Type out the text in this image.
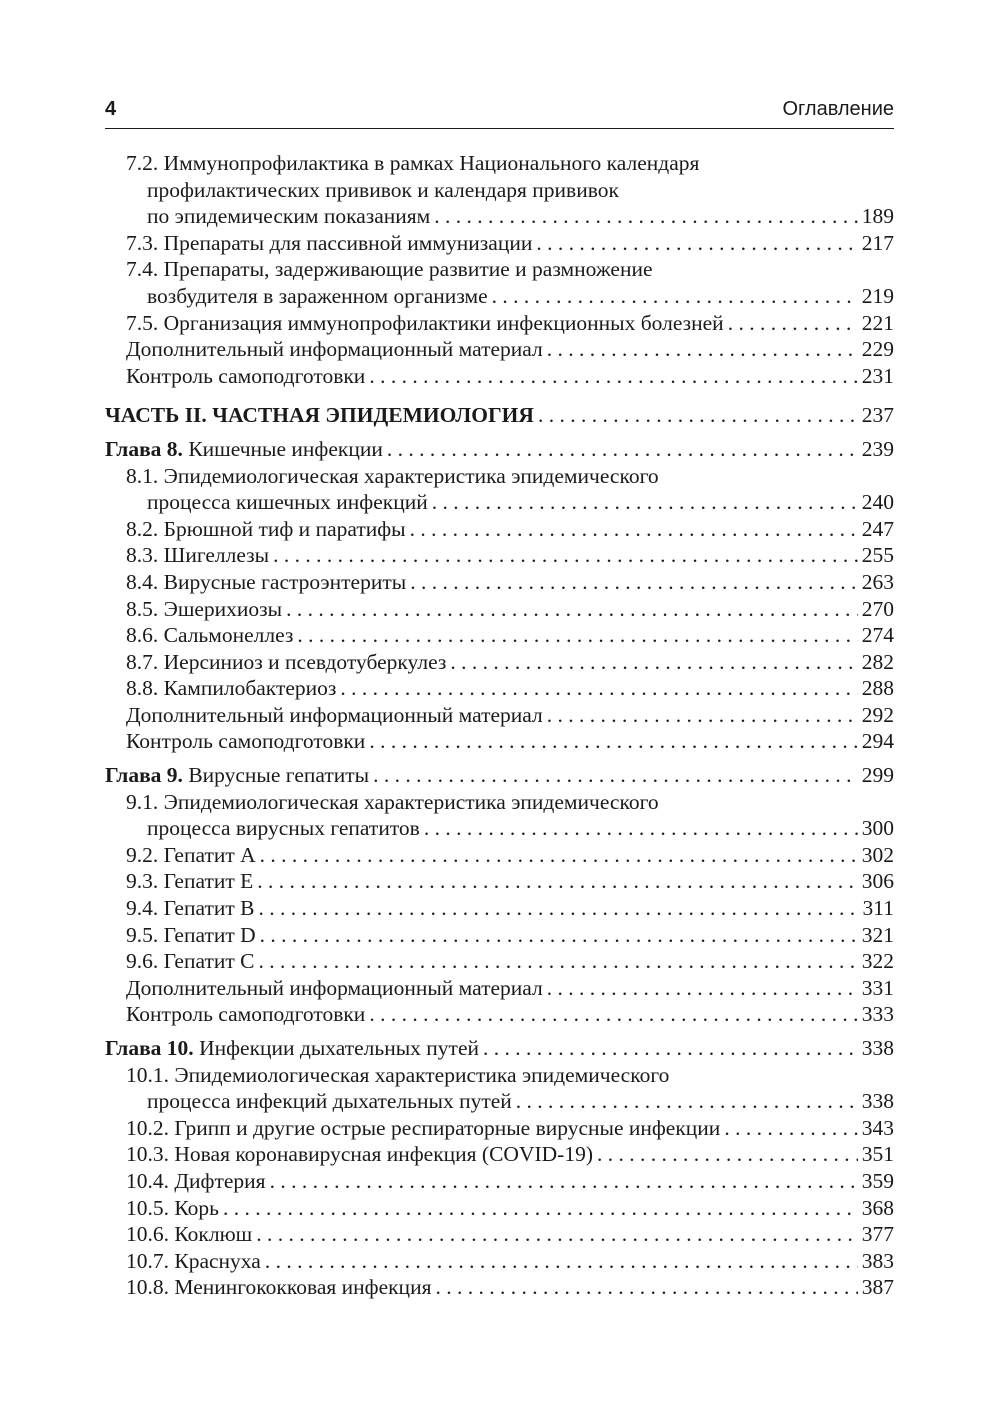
4	Оглавление
7.2. Иммунопрофилактика в рамках Национального календаря
профилактических прививок и календаря прививок
по эпидемическим показаниям . . .	189
7.3. Препараты для пассивной иммунизации . . .	217
7.4. Препараты, задерживающие развитие и размножение
возбудителя в зараженном организме . . .	219
7.5. Организация иммунопрофилактики инфекционных болезней . . .	221
Дополнительный информационный материал . . .	229
Контроль самоподготовки . . .	231
ЧАСТЬ II. ЧАСТНАЯ ЭПИДЕМИОЛОГИЯ . . .	237
Глава 8. Кишечные инфекции . . .	239
8.1. Эпидемиологическая характеристика эпидемического
процесса кишечных инфекций . . .	240
8.2. Брюшной тиф и паратифы . . .	247
8.3. Шигеллезы . . .	255
8.4. Вирусные гастроэнтериты . . .	263
8.5. Эшерихиозы . . .	270
8.6. Сальмонеллез . . .	274
8.7. Иерсиниоз и псевдотуберкулез . . .	282
8.8. Кампилобактериоз . . .	288
Дополнительный информационный материал . . .	292
Контроль самоподготовки . . .	294
Глава 9. Вирусные гепатиты . . .	299
9.1. Эпидемиологическая характеристика эпидемического
процесса вирусных гепатитов . . .	300
9.2. Гепатит A . . .	302
9.3. Гепатит E . . .	306
9.4. Гепатит B . . .	311
9.5. Гепатит D . . .	321
9.6. Гепатит C . . .	322
Дополнительный информационный материал . . .	331
Контроль самоподготовки . . .	333
Глава 10. Инфекции дыхательных путей . . .	338
10.1. Эпидемиологическая характеристика эпидемического
процесса инфекций дыхательных путей . . .	338
10.2. Грипп и другие острые респираторные вирусные инфекции . . .	343
10.3. Новая коронавирусная инфекция (COVID-19) . . .	351
10.4. Дифтерия . . .	359
10.5. Корь . . .	368
10.6. Коклюш . . .	377
10.7. Краснуха . . .	383
10.8. Менингококковая инфекция . . .	387
